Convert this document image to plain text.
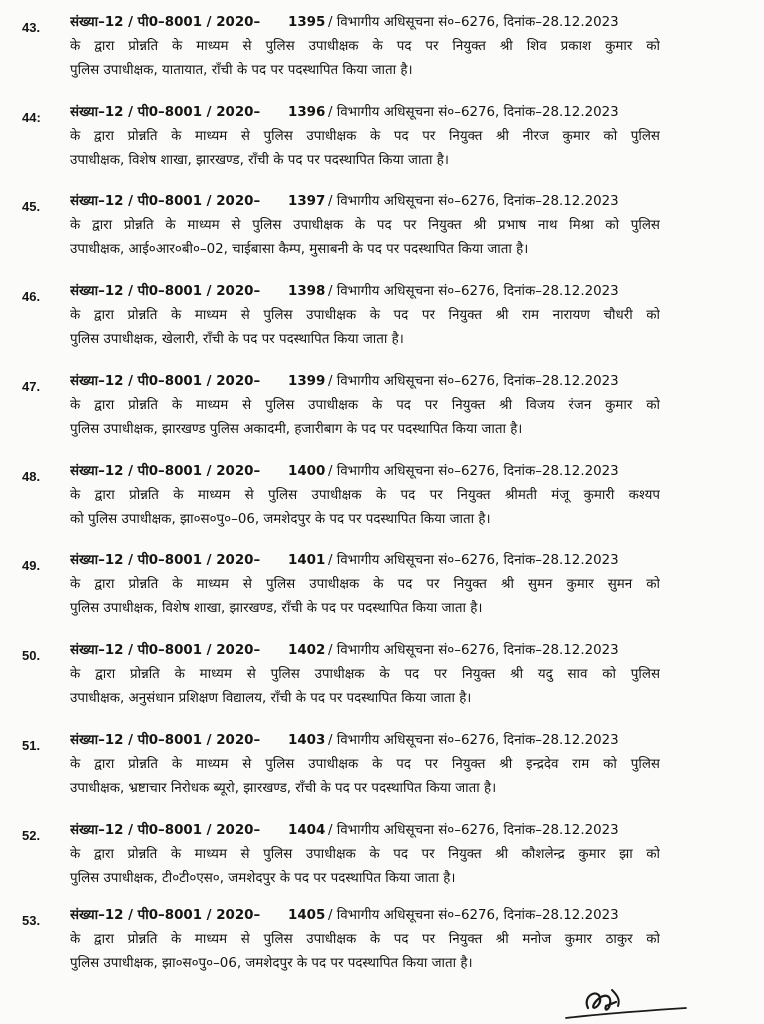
43. संख्या–12 / पी0–8001 / 2020– 1395 / विभागीय अधिसूचना सं०–6276, दिनांक–28.12.2023
के द्वारा प्रोन्नति के माध्यम से पुलिस उपाधीक्षक के पद पर नियुक्त श्री शिव प्रकाश कुमार को
पुलिस उपाधीक्षक, यातायात, राँची के पद पर पदस्थापित किया जाता है।
44: संख्या–12 / पी0–8001 / 2020– 1396 / विभागीय अधिसूचना सं०–6276, दिनांक–28.12.2023
के द्वारा प्रोन्नति के माध्यम से पुलिस उपाधीक्षक के पद पर नियुक्त श्री नीरज कुमार को पुलिस
उपाधीक्षक, विशेष शाखा, झारखण्ड, राँची के पद पर पदस्थापित किया जाता है।
45. संख्या–12 / पी0–8001 / 2020– 1397 / विभागीय अधिसूचना सं०–6276, दिनांक–28.12.2023
के द्वारा प्रोन्नति के माध्यम से पुलिस उपाधीक्षक के पद पर नियुक्त श्री प्रभाष नाथ मिश्रा को पुलिस
उपाधीक्षक, आई०आर०बी०–02, चाईबासा कैम्प, मुसाबनी के पद पर पदस्थापित किया जाता है।
46. संख्या–12 / पी0–8001 / 2020– 1398 / विभागीय अधिसूचना सं०–6276, दिनांक–28.12.2023
के द्वारा प्रोन्नति के माध्यम से पुलिस उपाधीक्षक के पद पर नियुक्त श्री राम नारायण चौधरी को
पुलिस उपाधीक्षक, खेलारी, राँची के पद पर पदस्थापित किया जाता है।
47. संख्या–12 / पी0–8001 / 2020– 1399 / विभागीय अधिसूचना सं०–6276, दिनांक–28.12.2023
के द्वारा प्रोन्नति के माध्यम से पुलिस उपाधीक्षक के पद पर नियुक्त श्री विजय रंजन कुमार को
पुलिस उपाधीक्षक, झारखण्ड पुलिस अकादमी, हजारीबाग के पद पर पदस्थापित किया जाता है।
48. संख्या–12 / पी0–8001 / 2020– 1400 / विभागीय अधिसूचना सं०–6276, दिनांक–28.12.2023
के द्वारा प्रोन्नति के माध्यम से पुलिस उपाधीक्षक के पद पर नियुक्त श्रीमती मंजू कुमारी कश्यप
को पुलिस उपाधीक्षक, झा०स०पु०–06, जमशेदपुर के पद पर पदस्थापित किया जाता है।
49. संख्या–12 / पी0–8001 / 2020– 1401 / विभागीय अधिसूचना सं०–6276, दिनांक–28.12.2023
के द्वारा प्रोन्नति के माध्यम से पुलिस उपाधीक्षक के पद पर नियुक्त श्री सुमन कुमार सुमन को
पुलिस उपाधीक्षक, विशेष शाखा, झारखण्ड, राँची के पद पर पदस्थापित किया जाता है।
50. संख्या–12 / पी0–8001 / 2020– 1402 / विभागीय अधिसूचना सं०–6276, दिनांक–28.12.2023
के द्वारा प्रोन्नति के माध्यम से पुलिस उपाधीक्षक के पद पर नियुक्त श्री यदु साव को पुलिस
उपाधीक्षक, अनुसंधान प्रशिक्षण विद्यालय, राँची के पद पर पदस्थापित किया जाता है।
51. संख्या–12 / पी0–8001 / 2020– 1403 / विभागीय अधिसूचना सं०–6276, दिनांक–28.12.2023
के द्वारा प्रोन्नति के माध्यम से पुलिस उपाधीक्षक के पद पर नियुक्त श्री इन्द्रदेव राम को पुलिस
उपाधीक्षक, भ्रष्टाचार निरोधक ब्यूरो, झारखण्ड, राँची के पद पर पदस्थापित किया जाता है।
52. संख्या–12 / पी0–8001 / 2020– 1404 / विभागीय अधिसूचना सं०–6276, दिनांक–28.12.2023
के द्वारा प्रोन्नति के माध्यम से पुलिस उपाधीक्षक के पद पर नियुक्त श्री कौशलेन्द्र कुमार झा को
पुलिस उपाधीक्षक, टी०टी०एस०, जमशेदपुर के पद पर पदस्थापित किया जाता है।
53. संख्या–12 / पी0–8001 / 2020– 1405 / विभागीय अधिसूचना सं०–6276, दिनांक–28.12.2023
के द्वारा प्रोन्नति के माध्यम से पुलिस उपाधीक्षक के पद पर नियुक्त श्री मनोज कुमार ठाकुर को
पुलिस उपाधीक्षक, झा०स०पु०–06, जमशेदपुर के पद पर पदस्थापित किया जाता है।
